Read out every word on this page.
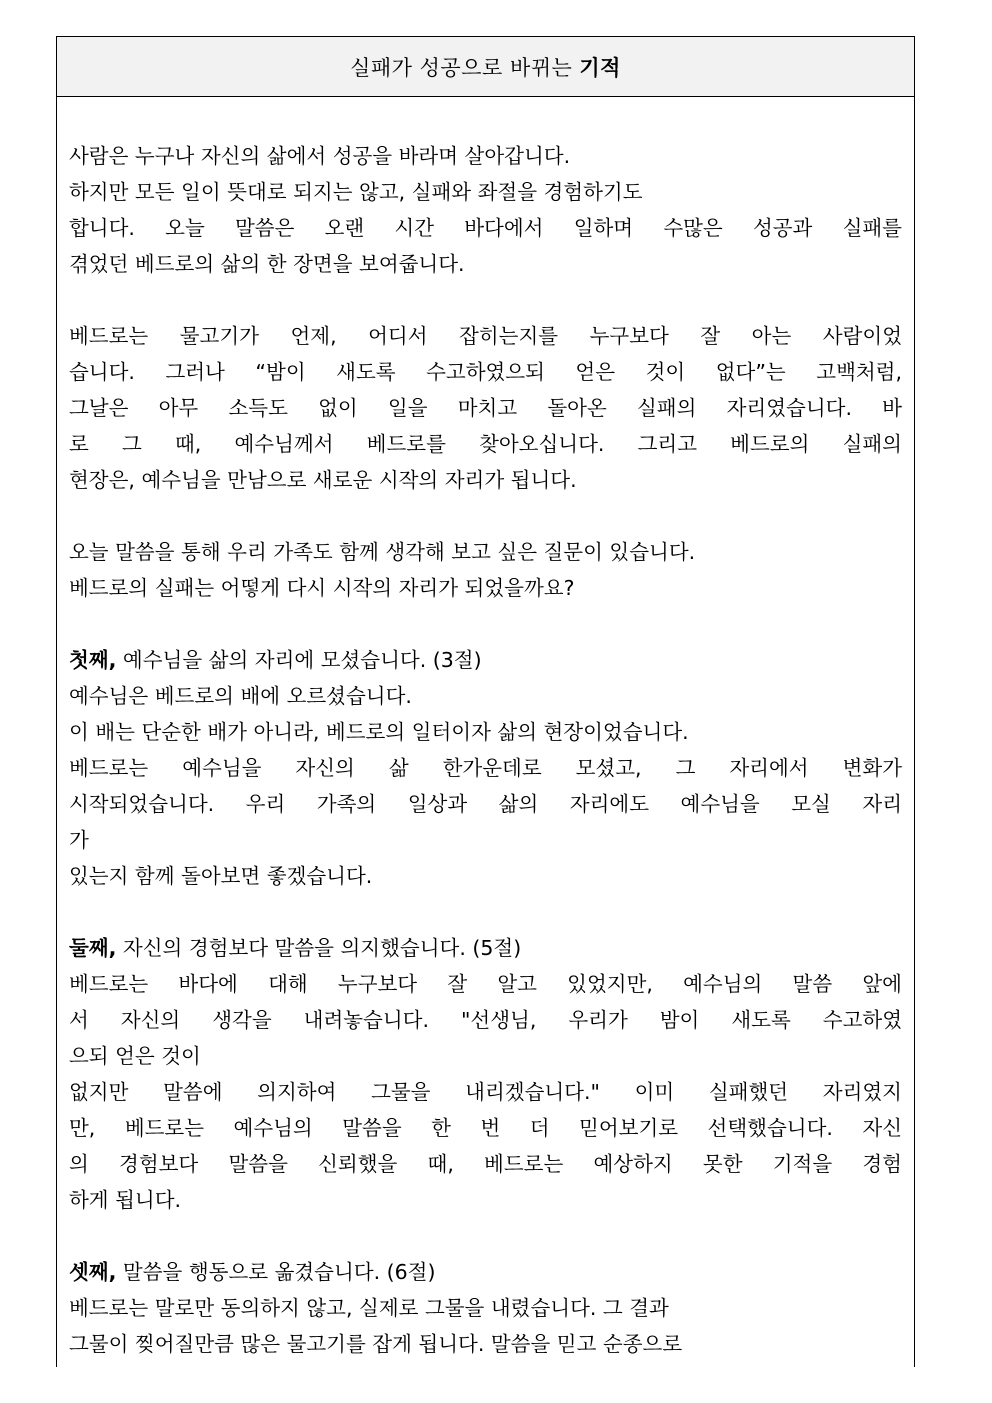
실패가 성공으로 바뀌는 기적
사람은 누구나 자신의 삶에서 성공을 바라며 살아갑니다.
하지만 모든 일이 뜻대로 되지는 않고, 실패와 좌절을 경험하기도
합니다. 오늘 말씀은 오랜 시간 바다에서 일하며 수많은 성공과 실패를
겪었던 베드로의 삶의 한 장면을 보여줍니다.
베드로는 물고기가 언제, 어디서 잡히는지를 누구보다 잘 아는 사람이었
습니다. 그러나 “밤이 새도록 수고하였으되 얻은 것이 없다”는 고백처럼,
그날은 아무 소득도 없이 일을 마치고 돌아온 실패의 자리였습니다. 바
로 그 때, 예수님께서 베드로를 찾아오십니다. 그리고 베드로의 실패의
현장은, 예수님을 만남으로 새로운 시작의 자리가 됩니다.
오늘 말씀을 통해 우리 가족도 함께 생각해 보고 싶은 질문이 있습니다.
베드로의 실패는 어떻게 다시 시작의 자리가 되었을까요?
첫째, 예수님을 삶의 자리에 모셨습니다. (3절)
예수님은 베드로의 배에 오르셨습니다.
이 배는 단순한 배가 아니라, 베드로의 일터이자 삶의 현장이었습니다.
베드로는 예수님을 자신의 삶 한가운데로 모셨고, 그 자리에서 변화가
시작되었습니다. 우리 가족의 일상과 삶의 자리에도 예수님을 모실 자리
가
있는지 함께 돌아보면 좋겠습니다.
둘째, 자신의 경험보다 말씀을 의지했습니다. (5절)
베드로는 바다에 대해 누구보다 잘 알고 있었지만, 예수님의 말씀 앞에
서 자신의 생각을 내려놓습니다. "선생님, 우리가 밤이 새도록 수고하였
으되 얻은 것이
없지만 말씀에 의지하여 그물을 내리겠습니다." 이미 실패했던 자리였지
만, 베드로는 예수님의 말씀을 한 번 더 믿어보기로 선택했습니다. 자신
의 경험보다 말씀을 신뢰했을 때, 베드로는 예상하지 못한 기적을 경험
하게 됩니다.
셋째, 말씀을 행동으로 옮겼습니다. (6절)
베드로는 말로만 동의하지 않고, 실제로 그물을 내렸습니다. 그 결과
그물이 찢어질만큼 많은 물고기를 잡게 됩니다. 말씀을 믿고 순종으로
